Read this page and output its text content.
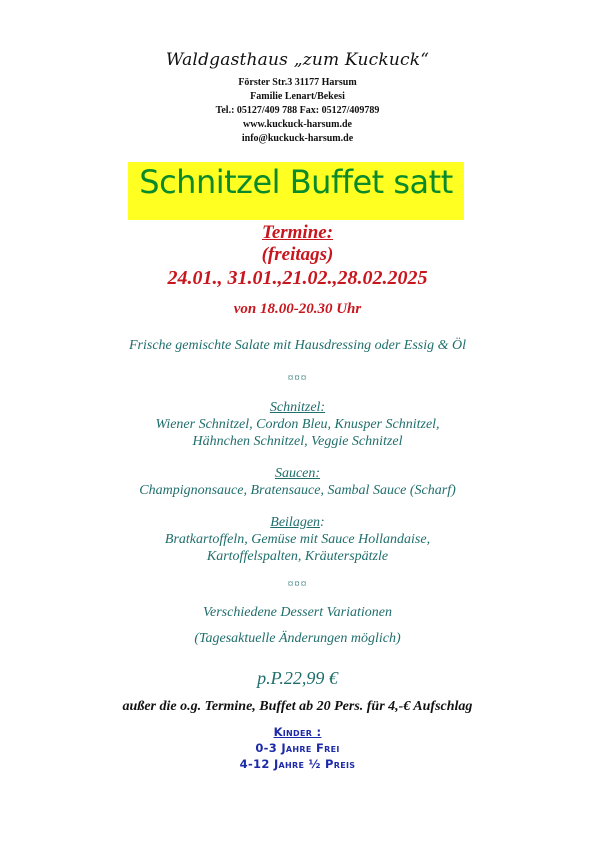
Waldgasthaus „zum Kuckuck“
Förster Str.3 31177 Harsum
Familie Lenart/Bekesi
Tel.: 05127/409 788 Fax: 05127/409789
www.kuckuck-harsum.de
info@kuckuck-harsum.de
Schnitzel Buffet satt
Termine:
(freitags)
24.01., 31.01.,21.02.,28.02.2025
von 18.00-20.30 Uhr
Frische gemischte Salate mit Hausdressing oder Essig & Öl
¤¤¤
Schnitzel:
Wiener Schnitzel, Cordon Bleu, Knusper Schnitzel,
Hähnchen Schnitzel, Veggie Schnitzel
Saucen:
Champignonsauce, Bratensauce, Sambal Sauce (Scharf)
Beilagen:
Bratkartoffeln, Gemüse mit Sauce Hollandaise,
Kartoffelspalten, Kräuterspätzle
¤¤¤
Verschiedene Dessert Variationen
(Tagesaktuelle Änderungen möglich)
p.P.22,99 €
außer die o.g. Termine, Buffet ab 20 Pers. für 4,-€ Aufschlag
Kinder :
0-3 Jahre Frei
4-12 Jahre ½ Preis
